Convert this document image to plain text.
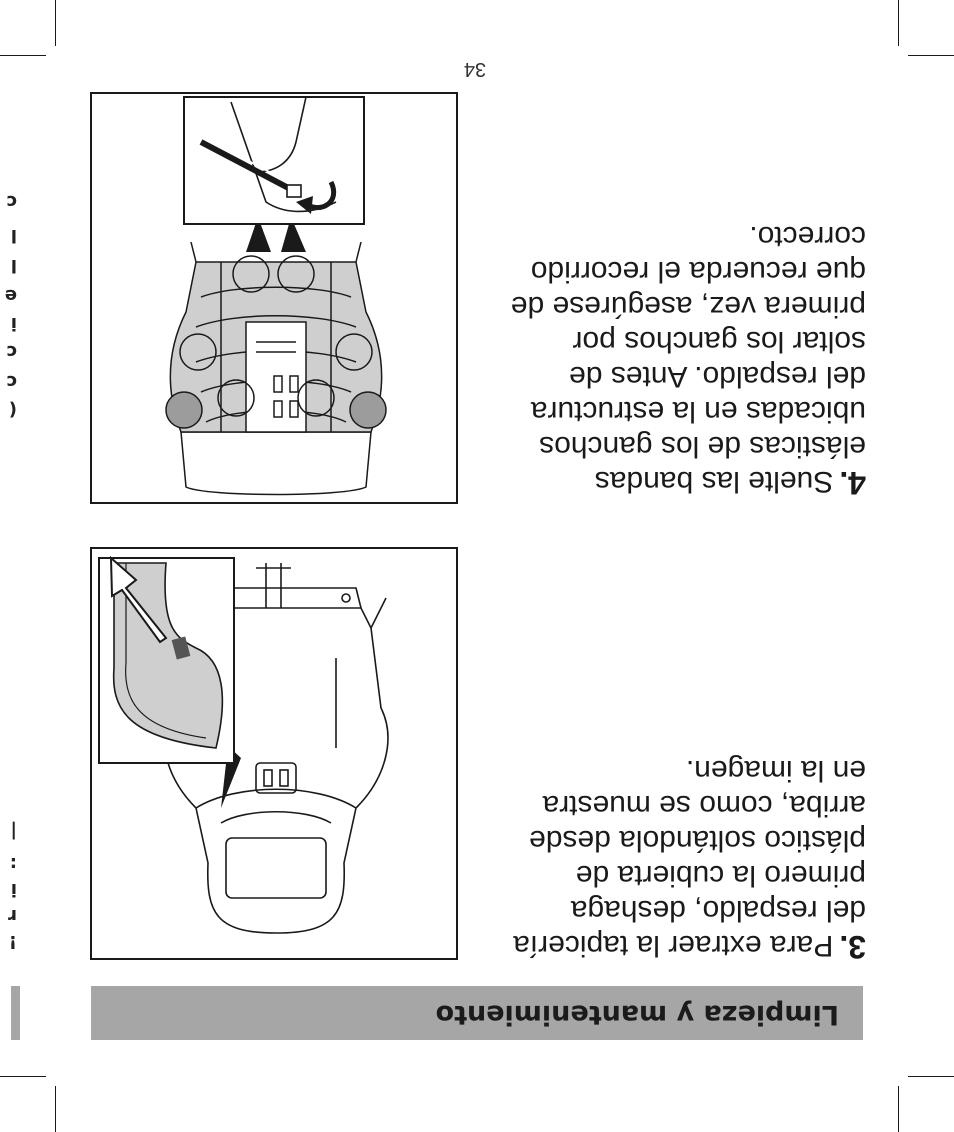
Limpieza y mantenimiento
3.Para extraer la tapicería
del respaldo, deshaga
primero la cubierta de
plástico soltándola desde
arriba, como se muestra
en la imagen.
4.Suelte las bandas
elásticas de los ganchos
ubicadas en la estructura
del respaldo. Antes de
soltar los ganchos por
primera vez, asegúrese de
que recuerda el recorrido
correcto.
34
!
r
i
:
|
(
c
c
i
e
l
l
c
